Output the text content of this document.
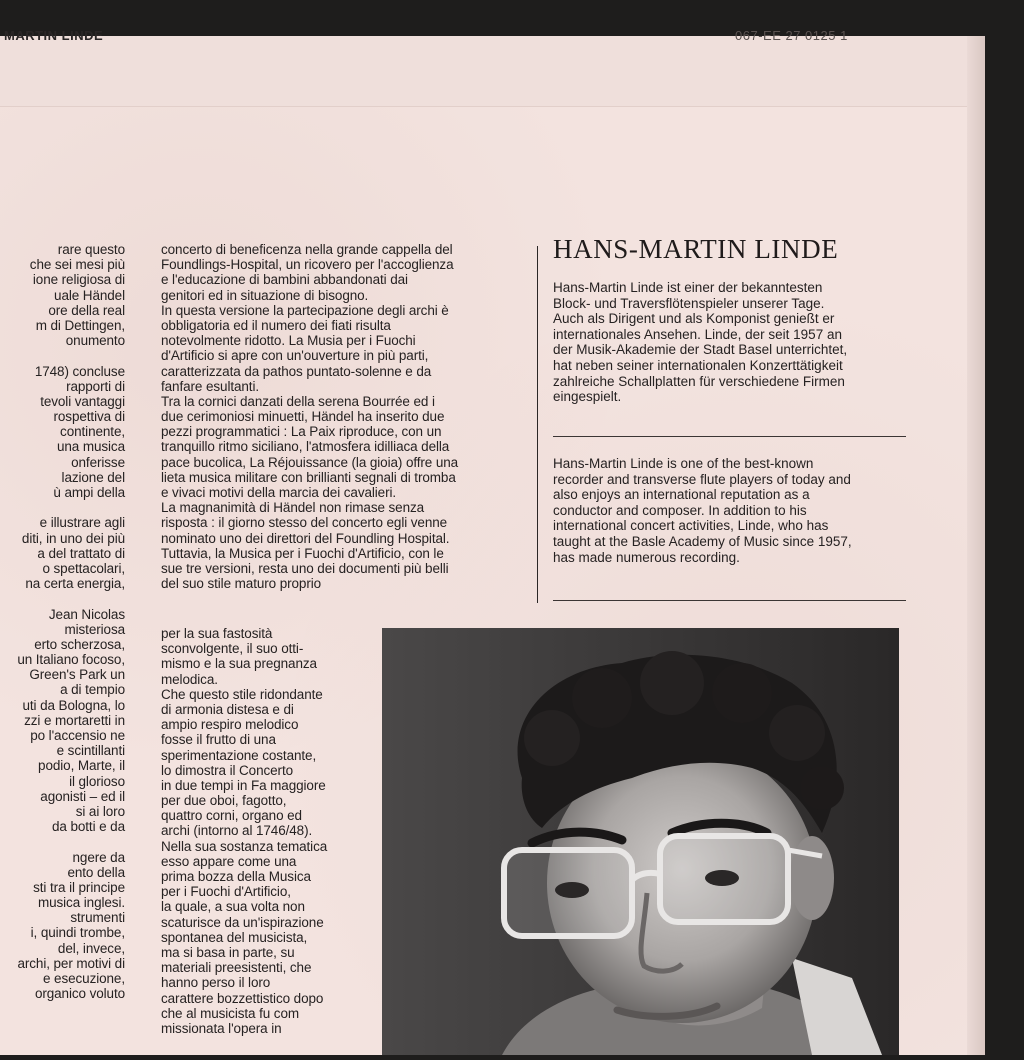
MARTIN LINDE	067-EE 27 0125 1
rare questo
che sei mesi più
ione religiosa di
uale Händel
ore della real
m di Dettingen,
onumento
1748) concluse
rapporti di
tevoli vantaggi
rospettiva di
continente,
una musica
onferisse
lazione del
ù ampi della
e illustrare agli
diti, in uno dei più
a del trattato di
o spettacolari,
na certa energia,
Jean Nicolas
misteriosa
erto scherzosa,
un Italiano focoso,
Green's Park un
a di tempio
uti da Bologna, lo
zzi e mortaretti in
po l'accensio ne
e scintillanti
podio, Marte, il
il glorioso
agonisti – ed il
si ai loro
da botti e da
ngere da
ento della
sti tra il principe
musica inglesi.
strumenti
i, quindi trombe,
del, invece,
archi, per motivi di
e esecuzione,
organico voluto
concerto di beneficenza nella grande cappella del
Foundlings-Hospital, un ricovero per l'accoglienza
e l'educazione di bambini abbandonati dai
genitori ed in situazione di bisogno.
In questa versione la partecipazione degli archi è
obbligatoria ed il numero dei fiati risulta
notevolmente ridotto. La Musia per i Fuochi
d'Artificio si apre con un'ouverture in più parti,
caratterizzata da pathos puntato-solenne e da
fanfare esultanti.
Tra la cornici danzati della serena Bourrée ed i
due cerimoniosi minuetti, Händel ha inserito due
pezzi programmatici : La Paix riproduce, con un
tranquillo ritmo siciliano, l'atmosfera idilliaca della
pace bucolica, La Réjouissance (la gioia) offre una
lieta musica militare con brillianti segnali di tromba
e vivaci motivi della marcia dei cavalieri.
La magnanimità di Händel non rimase senza
risposta : il giorno stesso del concerto egli venne
nominato uno dei direttori del Foundling Hospital.
Tuttavia, la Musica per i Fuochi d'Artificio, con le
sue tre versioni, resta uno dei documenti più belli
del suo stile maturo proprio
per la sua fastosità
sconvolgente, il suo otti-
mismo e la sua pregnanza
melodica.
Che questo stile ridondante
di armonia distesa e di
ampio respiro melodico
fosse il frutto di una
sperimentazione costante,
lo dimostra il Concerto
in due tempi in Fa maggiore
per due oboi, fagotto,
quattro corni, organo ed
archi (intorno al 1746/48).
Nella sua sostanza tematica
esso appare come una
prima bozza della Musica
per i Fuochi d'Artificio,
la quale, a sua volta non
scaturisce da un'ispirazione
spontanea del musicista,
ma si basa in parte, su
materiali preesistenti, che
hanno perso il loro
carattere bozzettistico dopo
che al musicista fu com
missionata l'opera in
HANS-MARTIN LINDE
Hans-Martin Linde ist einer der bekanntesten
Block- und Traversflötenspieler unserer Tage.
Auch als Dirigent und als Komponist genießt er
internationales Ansehen. Linde, der seit 1957 an
der Musik-Akademie der Stadt Basel unterrichtet,
hat neben seiner internationalen Konzerttätigkeit
zahlreiche Schallplatten für verschiedene Firmen
eingespielt.
Hans-Martin Linde is one of the best-known
recorder and transverse flute players of today and
also enjoys an international reputation as a
conductor and composer. In addition to his
international concert activities, Linde, who has
taught at the Basle Academy of Music since 1957,
has made numerous recording.
